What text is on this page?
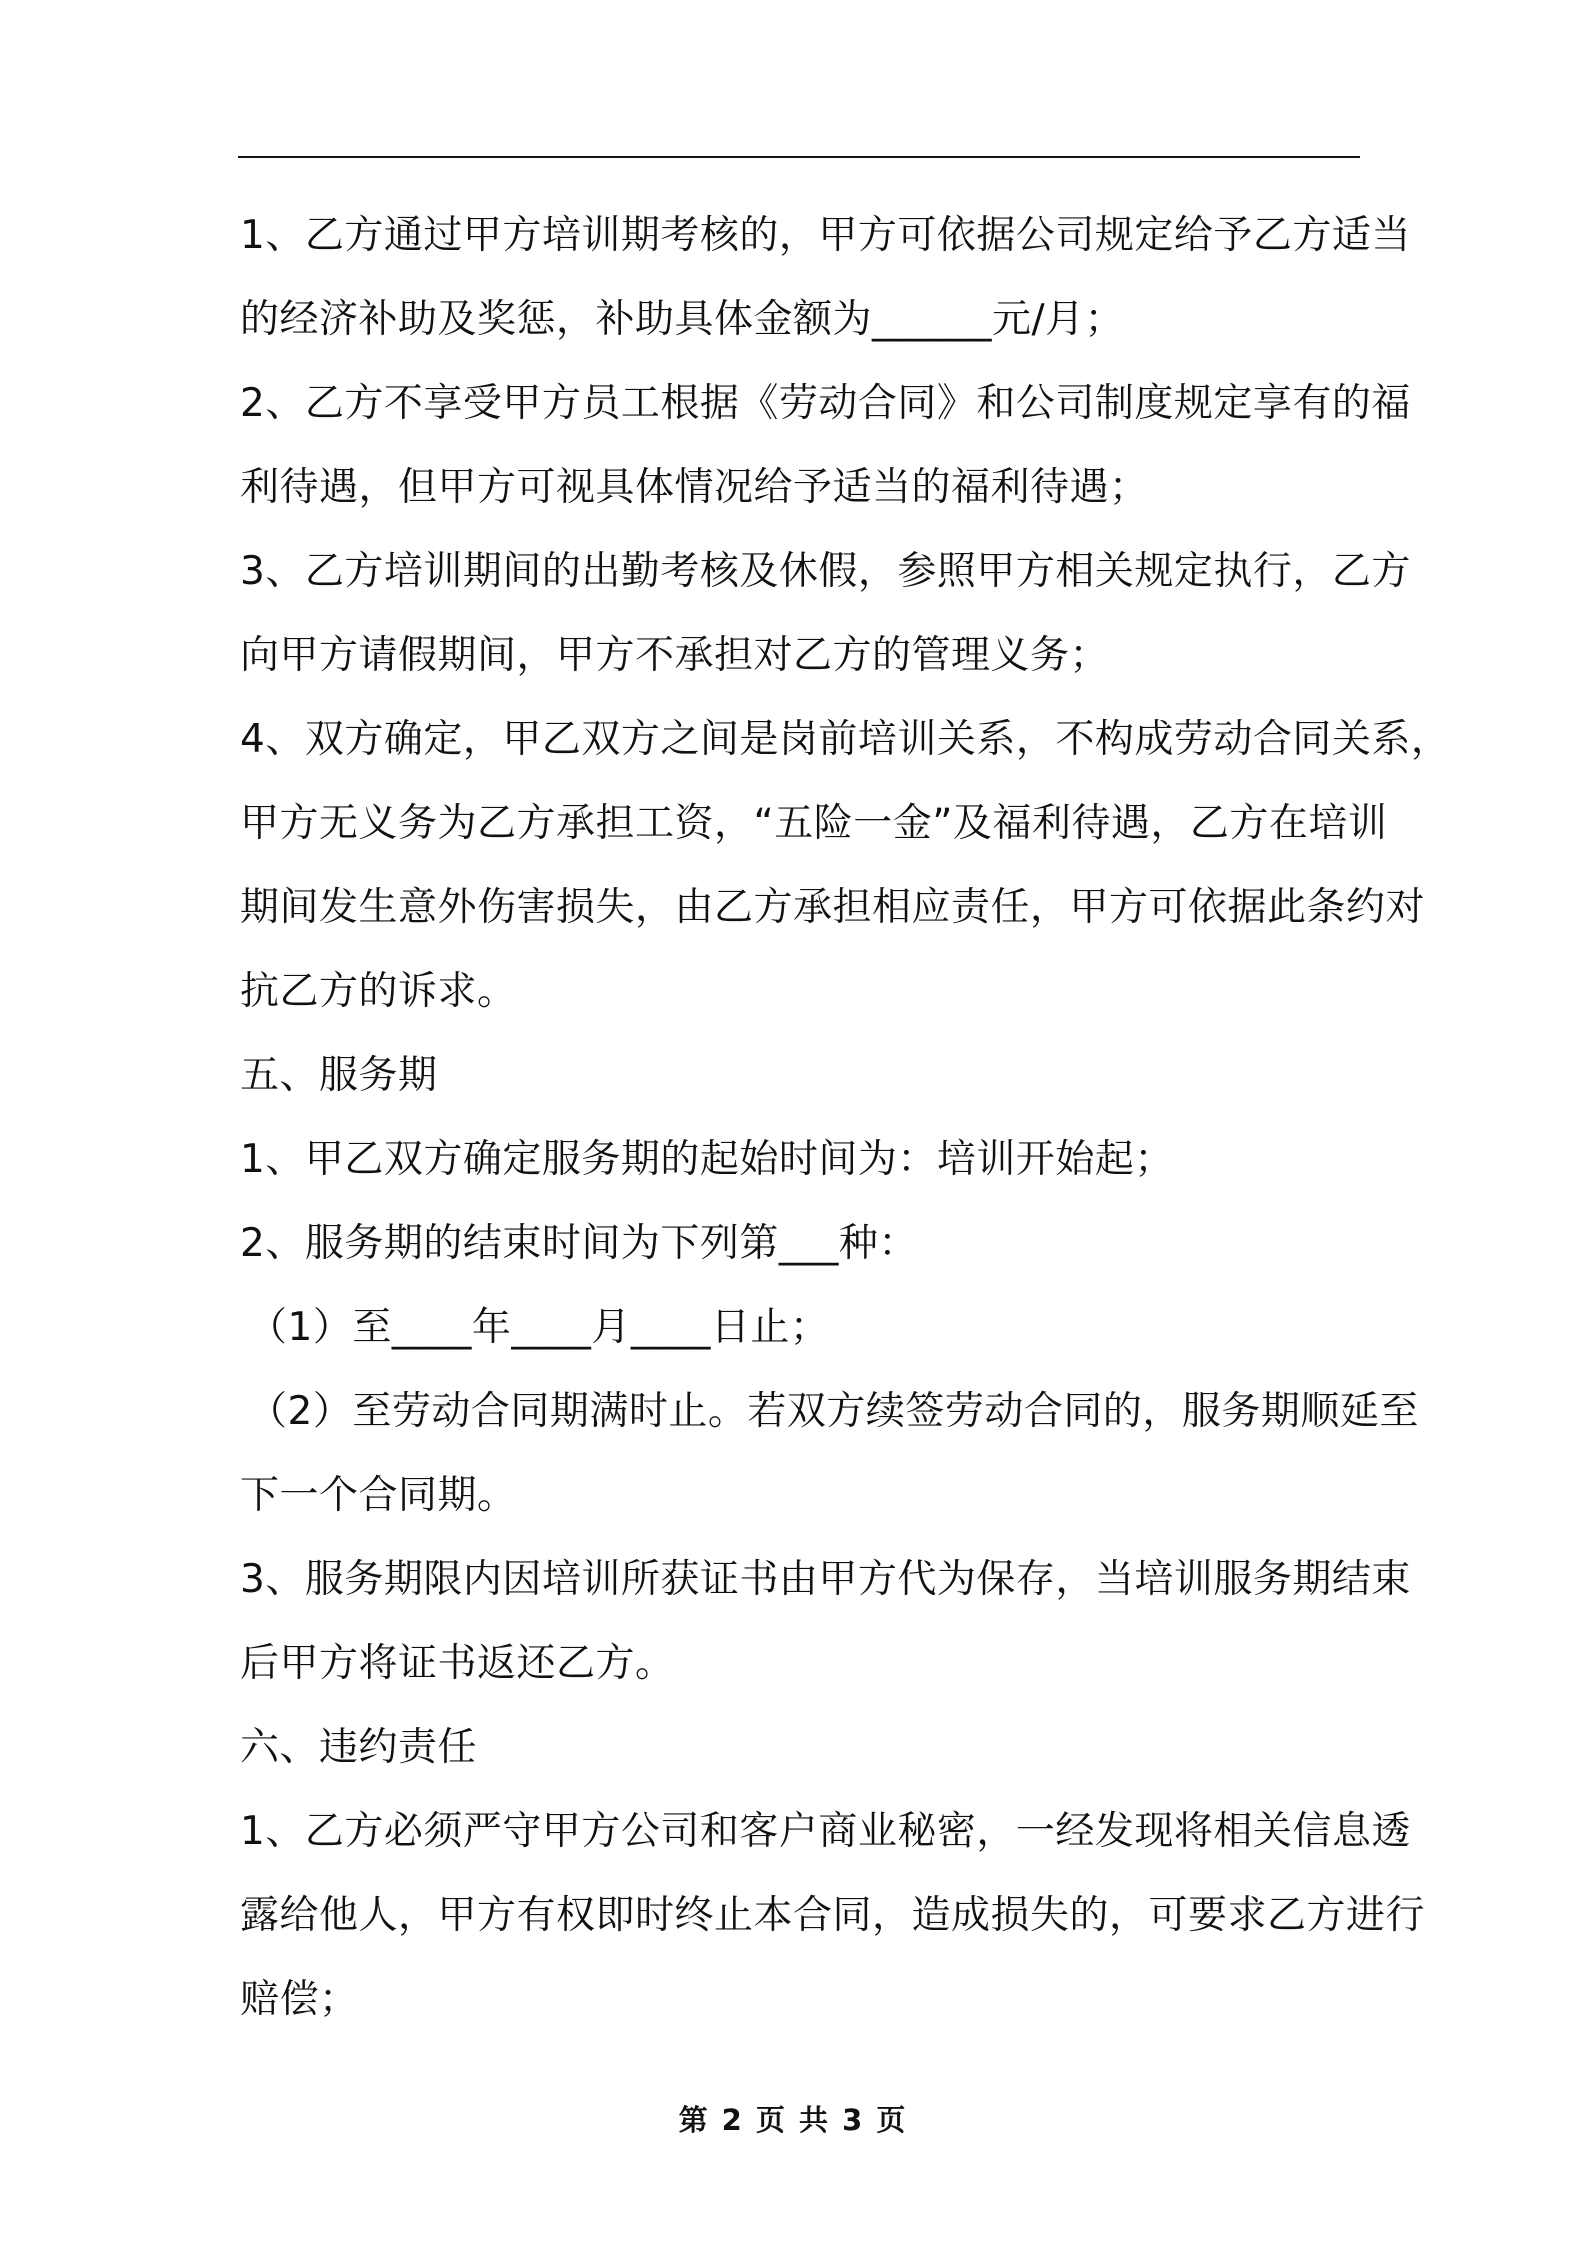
1、乙方通过甲方培训期考核的，甲方可依据公司规定给予乙方适当
的经济补助及奖惩，补助具体金额为______元/月；
2、乙方不享受甲方员工根据《劳动合同》和公司制度规定享有的福
利待遇，但甲方可视具体情况给予适当的福利待遇；
3、乙方培训期间的出勤考核及休假，参照甲方相关规定执行，乙方
向甲方请假期间，甲方不承担对乙方的管理义务；
4、双方确定，甲乙双方之间是岗前培训关系，不构成劳动合同关系，
甲方无义务为乙方承担工资，“五险一金”及福利待遇，乙方在培训
期间发生意外伤害损失，由乙方承担相应责任，甲方可依据此条约对
抗乙方的诉求。
五、服务期
1、甲乙双方确定服务期的起始时间为：培训开始起；
2、服务期的结束时间为下列第___种：
（1）至____年____月____日止；
（2）至劳动合同期满时止。若双方续签劳动合同的，服务期顺延至
下一个合同期。
3、服务期限内因培训所获证书由甲方代为保存，当培训服务期结束
后甲方将证书返还乙方。
六、违约责任
1、乙方必须严守甲方公司和客户商业秘密，一经发现将相关信息透
露给他人，甲方有权即时终止本合同，造成损失的，可要求乙方进行
赔偿；
第 2 页 共 3 页
